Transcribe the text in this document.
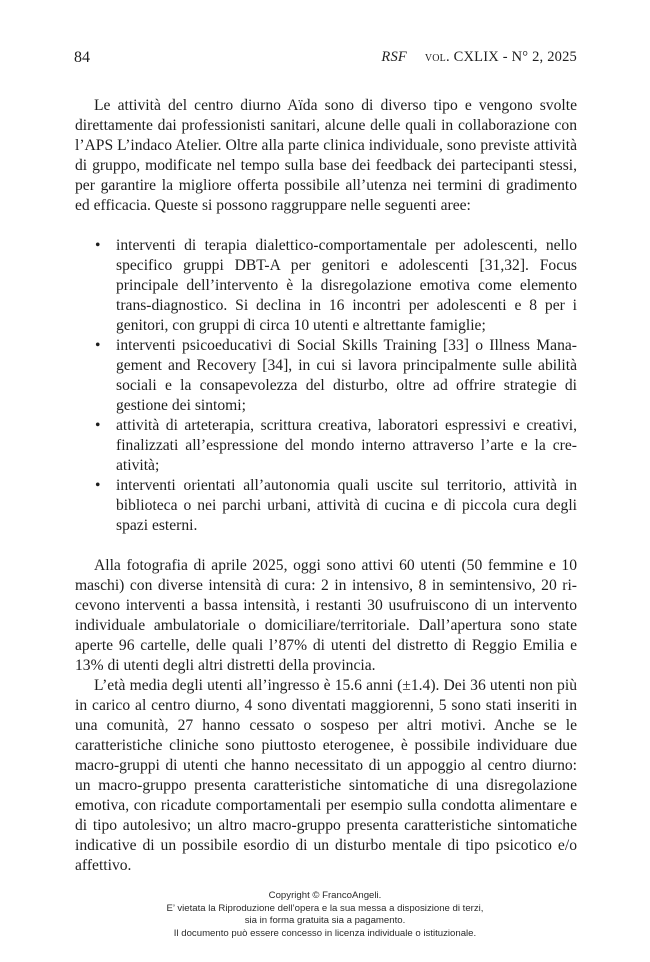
84	RSF vol. CXLIX - N° 2, 2025

Le attività del centro diurno Aïda sono di diverso tipo e vengono svolte direttamente dai professionisti sanitari, alcune delle quali in collaborazione con l’APS L’indaco Atelier. Oltre alla parte clinica individuale, sono previste attività di gruppo, modificate nel tempo sulla base dei feedback dei partecipanti stessi, per garantire la migliore offerta possibile all’utenza nei termini di gradimento ed efficacia. Queste si possono raggruppare nelle seguenti aree:

• interventi di terapia dialettico-comportamentale per adolescenti, nello specifico gruppi DBT-A per genitori e adolescenti [31,32]. Focus principale dell’intervento è la disregolazione emotiva come elemento trans-diagnostico. Si declina in 16 incontri per adolescenti e 8 per i genitori, con gruppi di circa 10 utenti e altrettante famiglie;
• interventi psicoeducativi di Social Skills Training [33] o Illness Management and Recovery [34], in cui si lavora principalmente sulle abilità sociali e la consapevolezza del disturbo, oltre ad offrire strategie di gestione dei sintomi;
• attività di arteterapia, scrittura creativa, laboratori espressivi e creativi, finalizzati all’espressione del mondo interno attraverso l’arte e la creatività;
• interventi orientati all’autonomia quali uscite sul territorio, attività in biblioteca o nei parchi urbani, attività di cucina e di piccola cura degli spazi esterni.

Alla fotografia di aprile 2025, oggi sono attivi 60 utenti (50 femmine e 10 maschi) con diverse intensità di cura: 2 in intensivo, 8 in semintensivo, 20 ricevono interventi a bassa intensità, i restanti 30 usufruiscono di un intervento individuale ambulatoriale o domiciliare/territoriale. Dall’apertura sono state aperte 96 cartelle, delle quali l’87% di utenti del distretto di Reggio Emilia e 13% di utenti degli altri distretti della provincia.

L’età media degli utenti all’ingresso è 15.6 anni (±1.4). Dei 36 utenti non più in carico al centro diurno, 4 sono diventati maggiorenni, 5 sono stati inseriti in una comunità, 27 hanno cessato o sospeso per altri motivi. Anche se le caratteristiche cliniche sono piuttosto eterogenee, è possibile individuare due macro-gruppi di utenti che hanno necessitato di un appoggio al centro diurno: un macro-gruppo presenta caratteristiche sintomatiche di una disregolazione emotiva, con ricadute comportamentali per esempio sulla condotta alimentare e di tipo autolesivo; un altro macro-gruppo presenta caratteristiche sintomatiche indicative di un possibile esordio di un disturbo mentale di tipo psicotico e/o affettivo.

Copyright © FrancoAngeli.
E’ vietata la Riproduzione dell’opera e la sua messa a disposizione di terzi,
sia in forma gratuita sia a pagamento.
Il documento può essere concesso in licenza individuale o istituzionale.
